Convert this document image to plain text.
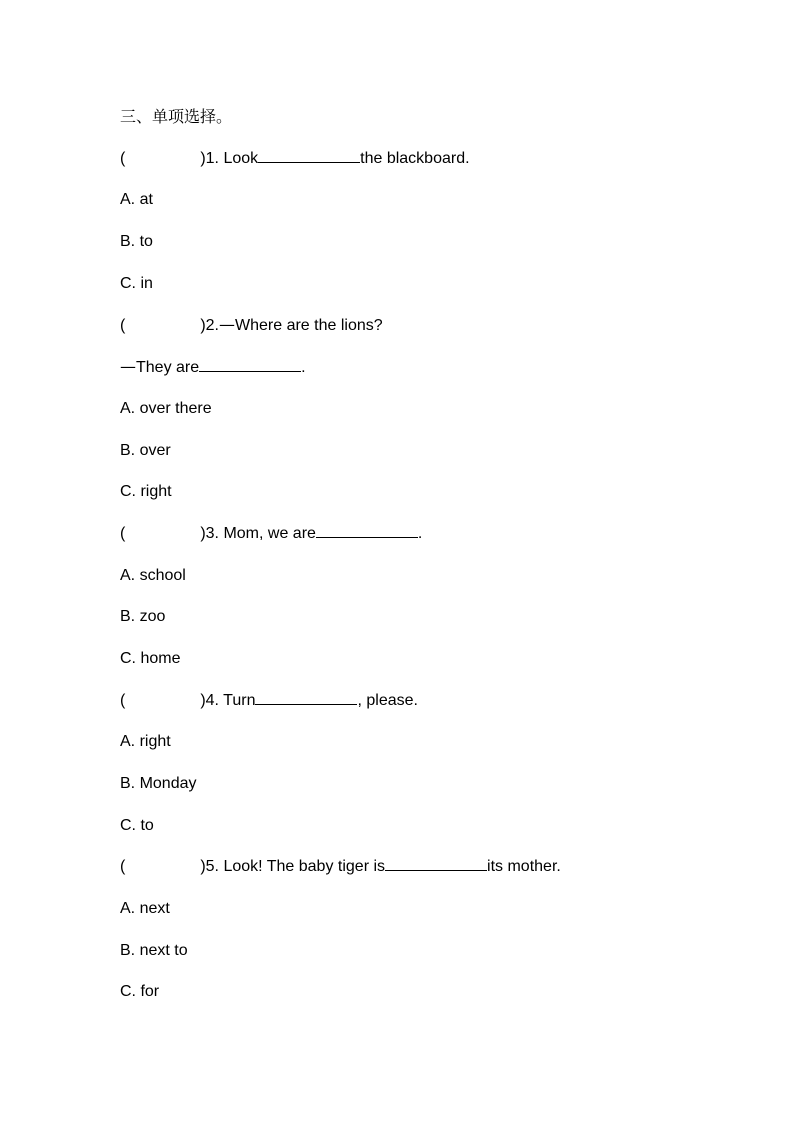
三、单项选择。
(	)1. Look	the blackboard.
A. at
B. to
C. in
(	)2.—Where are the lions?
—They are	.
A. over there
B. over
C. right
(	)3. Mom, we are	.
A. school
B. zoo
C. home
(	)4. Turn	, please.
A. right
B. Monday
C. to
(	)5. Look! The baby tiger is	its mother.
A. next
B. next to
C. for
